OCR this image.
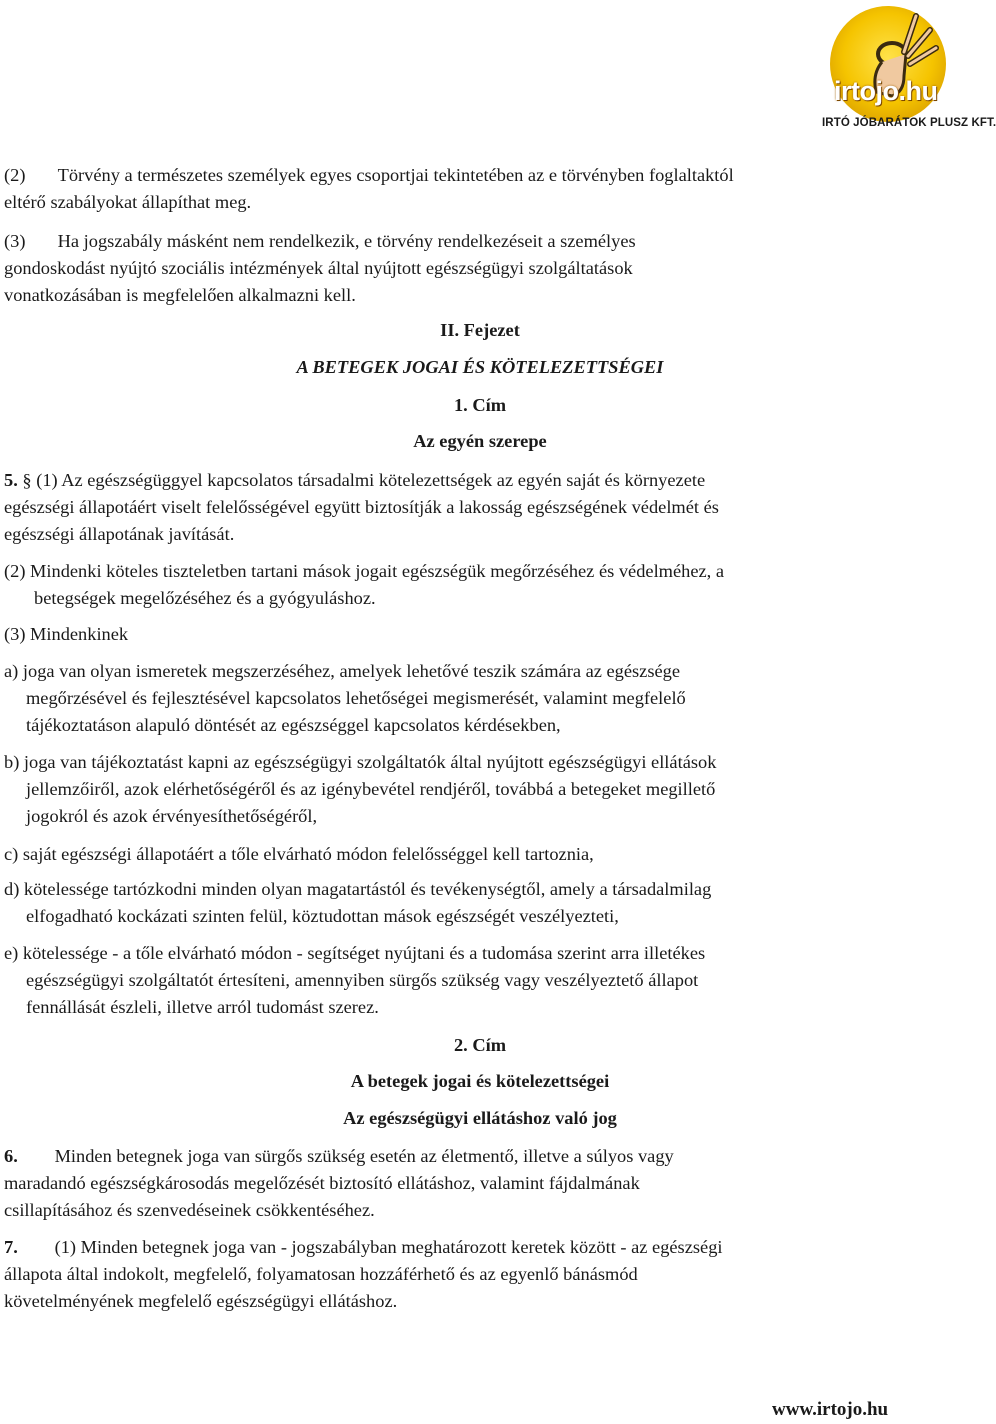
irtojo.hu
IRTÓ JÓBARÁTOK PLUSZ KFT.
(2)       Törvény a természetes személyek egyes csoportjai tekintetében az e törvényben foglaltaktól
eltérő szabályokat állapíthat meg.
(3)       Ha jogszabály másként nem rendelkezik, e törvény rendelkezéseit a személyes
gondoskodást nyújtó szociális intézmények által nyújtott egészségügyi szolgáltatások
vonatkozásában is megfelelően alkalmazni kell.
II. Fejezet
A BETEGEK JOGAI ÉS KÖTELEZETTSÉGEI
1. Cím
Az egyén szerepe
5. § (1) Az egészségüggyel kapcsolatos társadalmi kötelezettségek az egyén saját és környezete
egészségi állapotáért viselt felelősségével együtt biztosítják a lakosság egészségének védelmét és
egészségi állapotának javítását.
(2) Mindenki köteles tiszteletben tartani mások jogait egészségük megőrzéséhez és védelméhez, a
betegségek megelőzéséhez és a gyógyuláshoz.
(3) Mindenkinek
a) joga van olyan ismeretek megszerzéséhez, amelyek lehetővé teszik számára az egészsége
megőrzésével és fejlesztésével kapcsolatos lehetőségei megismerését, valamint megfelelő
tájékoztatáson alapuló döntését az egészséggel kapcsolatos kérdésekben,
b) joga van tájékoztatást kapni az egészségügyi szolgáltatók által nyújtott egészségügyi ellátások
jellemzőiről, azok elérhetőségéről és az igénybevétel rendjéről, továbbá a betegeket megillető
jogokról és azok érvényesíthetőségéről,
c) saját egészségi állapotáért a tőle elvárható módon felelősséggel kell tartoznia,
d) kötelessége tartózkodni minden olyan magatartástól és tevékenységtől, amely a társadalmilag
elfogadható kockázati szinten felül, köztudottan mások egészségét veszélyezteti,
e) kötelessége - a tőle elvárható módon - segítséget nyújtani és a tudomása szerint arra illetékes
egészségügyi szolgáltatót értesíteni, amennyiben sürgős szükség vagy veszélyeztető állapot
fennállását észleli, illetve arról tudomást szerez.
2. Cím
A betegek jogai és kötelezettségei
Az egészségügyi ellátáshoz való jog
6.        Minden betegnek joga van sürgős szükség esetén az életmentő, illetve a súlyos vagy
maradandó egészségkárosodás megelőzését biztosító ellátáshoz, valamint fájdalmának
csillapításához és szenvedéseinek csökkentéséhez.
7.        (1) Minden betegnek joga van - jogszabályban meghatározott keretek között - az egészségi
állapota által indokolt, megfelelő, folyamatosan hozzáférhető és az egyenlő bánásmód
követelményének megfelelő egészségügyi ellátáshoz.
www.irtojo.hu
